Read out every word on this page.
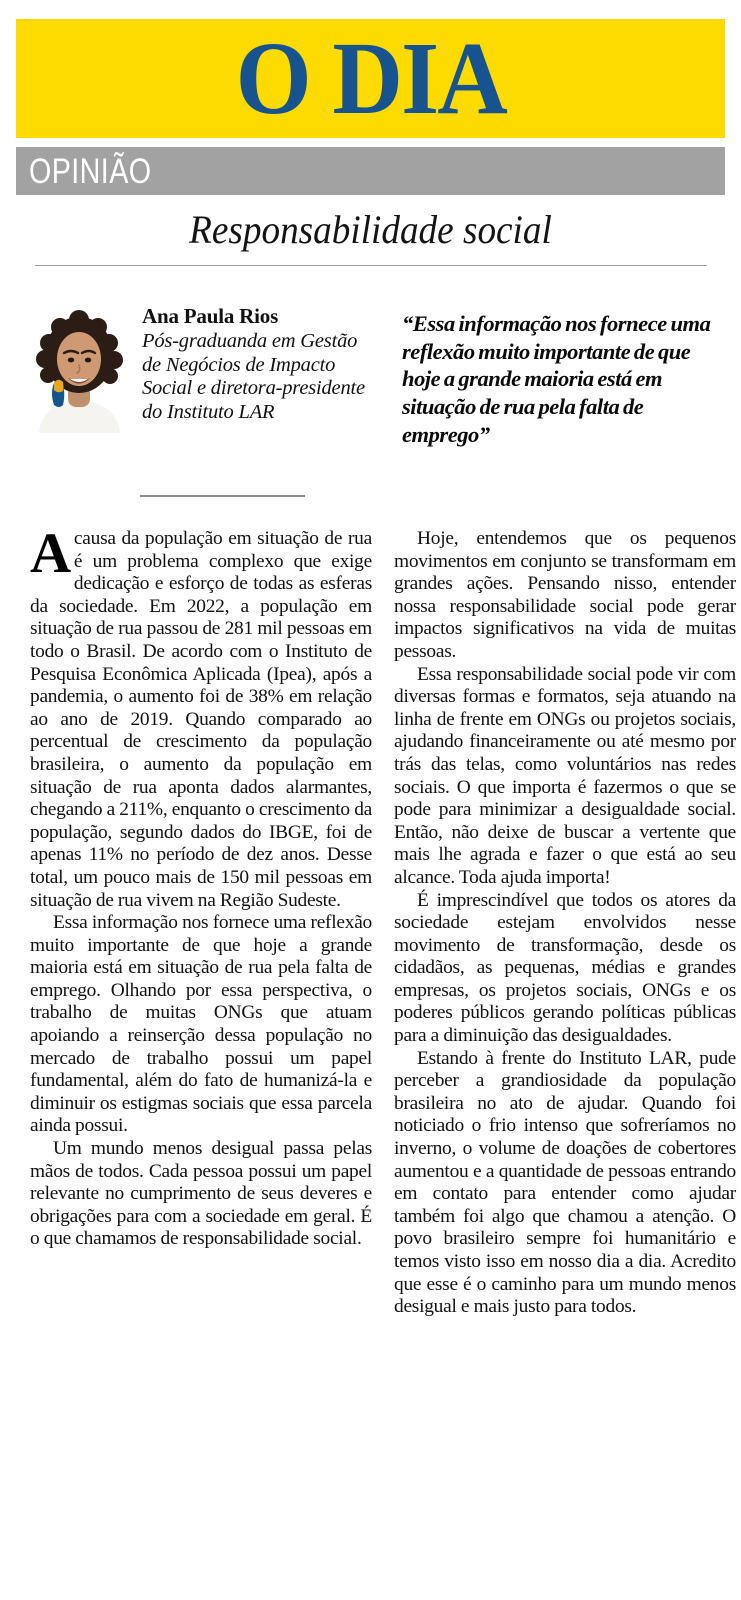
O DIA
OPINIÃO
Responsabilidade social
Ana Paula Rios
Pós-graduanda em Gestão de Negócios de Impacto Social e diretora-presidente do Instituto LAR
“Essa informação nos fornece uma reflexão muito importante de que hoje a grande maioria está em situação de rua pela falta de emprego”

Acausa da população em situação de rua é um problema complexo que exige dedicação e esforço de todas as esferas da sociedade. Em 2022, a população em situação de rua passou de 281 mil pessoas em todo o Brasil. De acordo com o Instituto de Pesquisa Econômica Aplicada (Ipea), após a pandemia, o aumento foi de 38% em relação ao ano de 2019. Quando comparado ao percentual de crescimento da população brasileira, o aumento da população em situação de rua aponta dados alarmantes, chegando a 211%, enquanto o crescimento da população, segundo dados do IBGE, foi de apenas 11% no período de dez anos. Desse total, um pouco mais de 150 mil pessoas em situação de rua vivem na Região Sudeste.

Essa informação nos fornece uma reflexão muito importante de que hoje a grande maioria está em situação de rua pela falta de emprego. Olhando por essa perspectiva, o trabalho de muitas ONGs que atuam apoiando a reinserção dessa população no mercado de trabalho possui um papel fundamental, além do fato de humanizá-la e diminuir os estigmas sociais que essa parcela ainda possui.

Um mundo menos desigual passa pelas mãos de todos. Cada pessoa possui um papel relevante no cumprimento de seus deveres e obrigações para com a sociedade em geral. É o que chamamos de responsabilidade social.

Hoje, entendemos que os pequenos movimentos em conjunto se transformam em grandes ações. Pensando nisso, entender nossa responsabilidade social pode gerar impactos significativos na vida de muitas pessoas.

Essa responsabilidade social pode vir com diversas formas e formatos, seja atuando na linha de frente em ONGs ou projetos sociais, ajudando financeiramente ou até mesmo por trás das telas, como voluntários nas redes sociais. O que importa é fazermos o que se pode para minimizar a desigualdade social. Então, não deixe de buscar a vertente que mais lhe agrada e fazer o que está ao seu alcance. Toda ajuda importa!

É imprescindível que todos os atores da sociedade estejam envolvidos nesse movimento de transformação, desde os cidadãos, as pequenas, médias e grandes empresas, os projetos sociais, ONGs e os poderes públicos gerando políticas públicas para a diminuição das desigualdades.

Estando à frente do Instituto LAR, pude perceber a grandiosidade da população brasileira no ato de ajudar. Quando foi noticiado o frio intenso que sofreríamos no inverno, o volume de doações de cobertores aumentou e a quantidade de pessoas entrando em contato para entender como ajudar também foi algo que chamou a atenção. O povo brasileiro sempre foi humanitário e temos visto isso em nosso dia a dia. Acredito que esse é o caminho para um mundo menos desigual e mais justo para todos.
